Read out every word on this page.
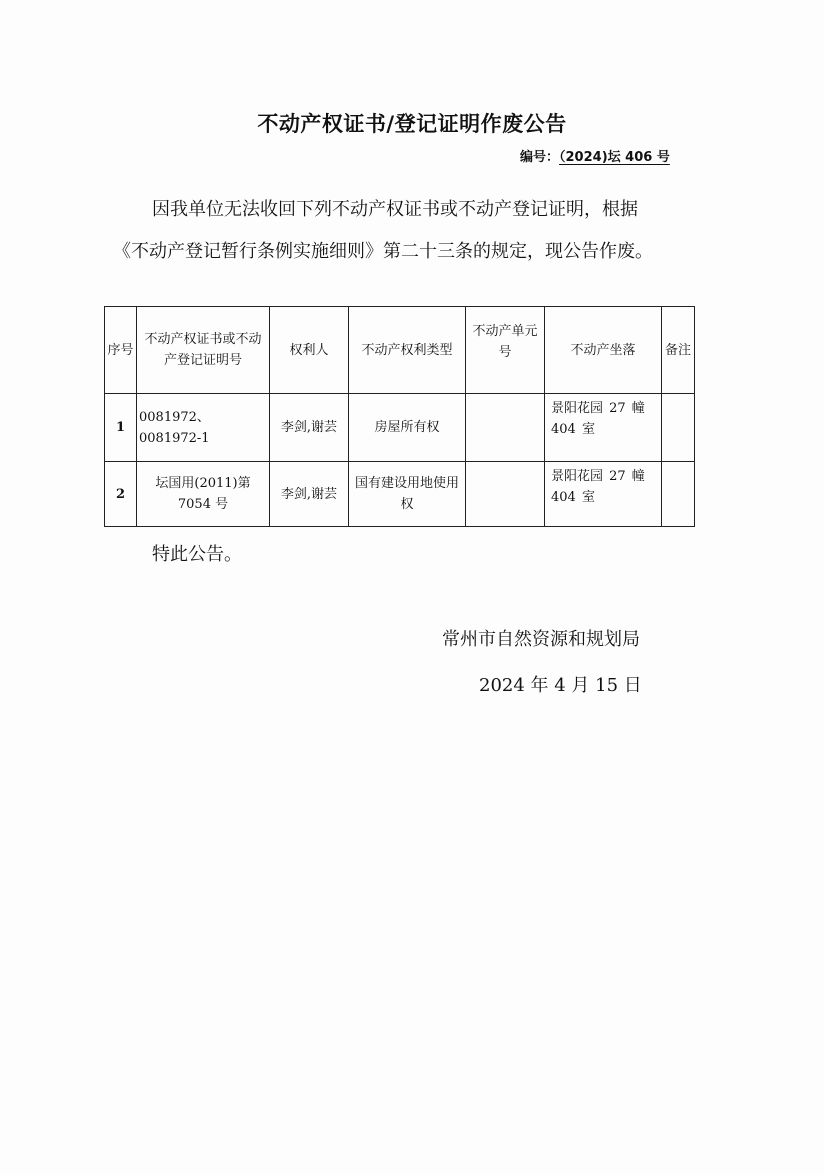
不动产权证书/登记证明作废公告
编号：（2024)坛 406 号
因我单位无法收回下列不动产权证书或不动产登记证明，根据
《不动产登记暂行条例实施细则》第二十三条的规定，现公告作废。
序号	不动产权证书或不动产登记证明号	权利人	不动产权利类型	不动产单元号	不动产坐落	备注
1	0081972、0081972-1	李剑,谢芸	房屋所有权		景阳花园 27 幢 404 室	
2	坛国用(2011)第 7054 号	李剑,谢芸	国有建设用地使用权		景阳花园 27 幢 404 室	
特此公告。
常州市自然资源和规划局
2024 年 4 月 15 日
